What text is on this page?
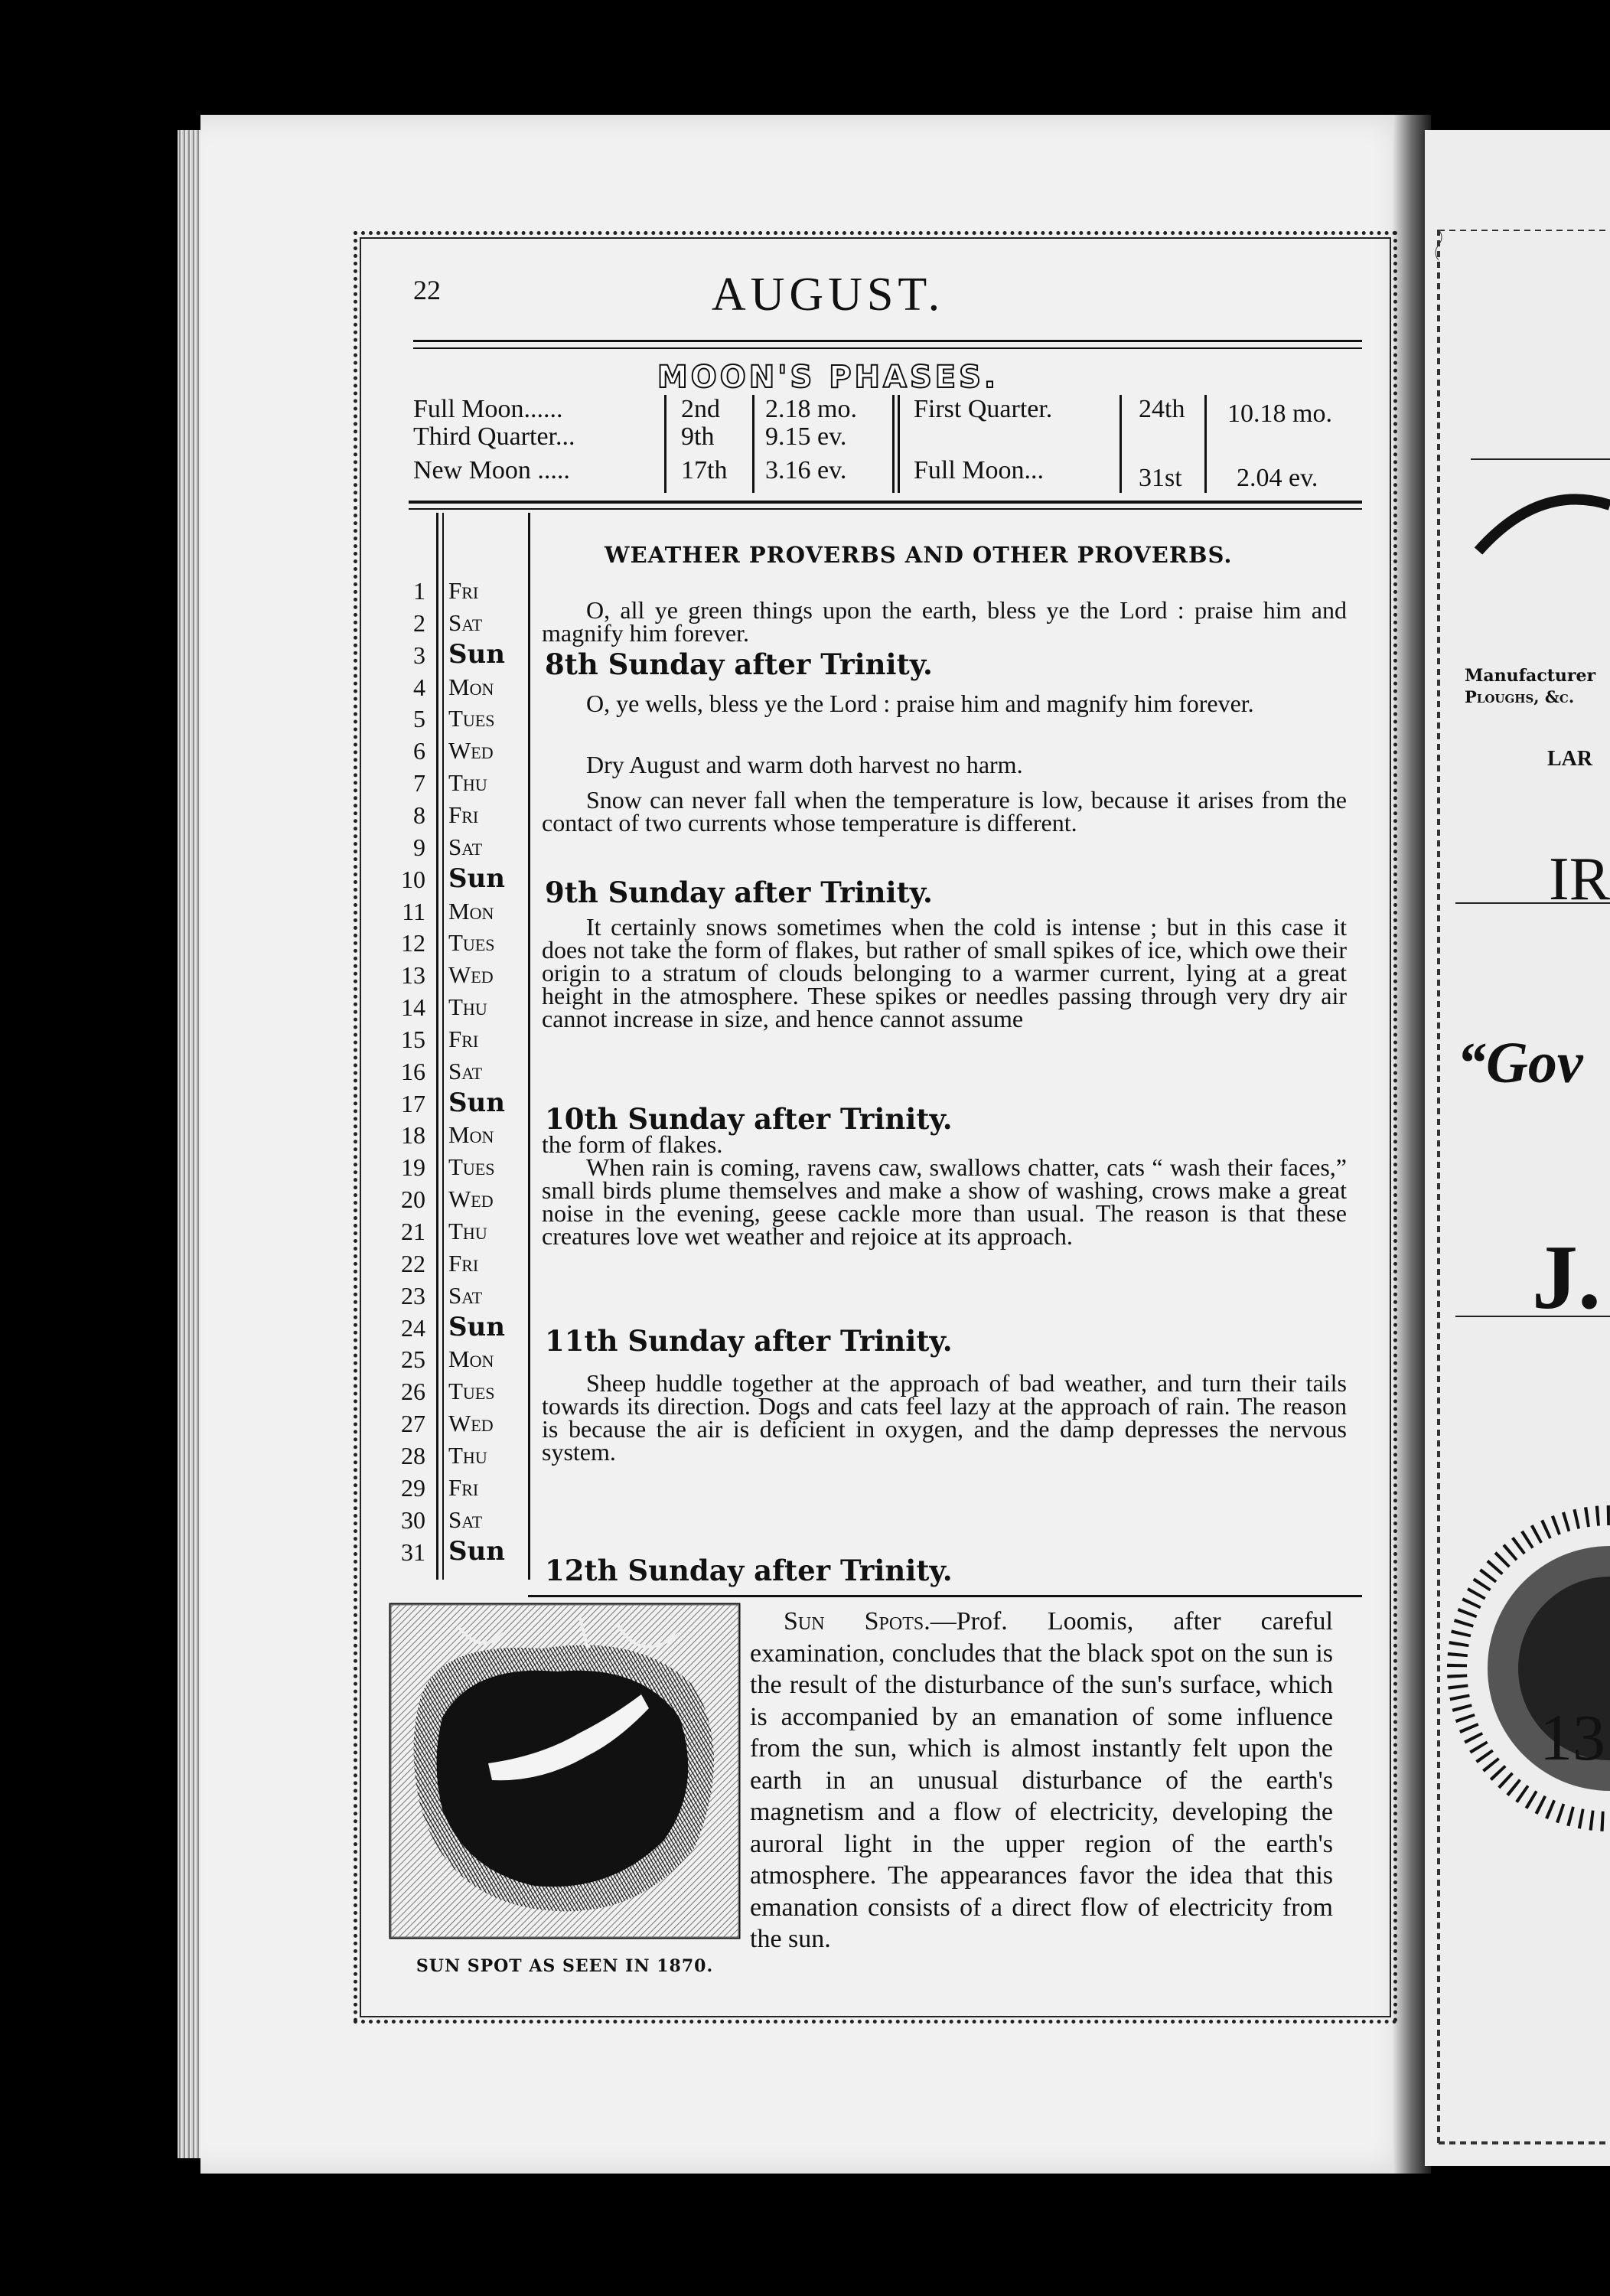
Manufacturer
Ploughs, &c.
LAR
IR
“Gov
J.
13
22	AUGUST.
MOON'S PHASES.
Full Moon......
Third Quarter...
New Moon .....
2nd
9th
17th
2.18 mo.
9.15 ev.
3.16 ev.
First Quarter.
Full Moon...
24th
31st
10.18 mo.
2.04 ev.
WEATHER PROVERBS AND OTHER PROVERBS.
1 Fri
2 Sat
3 Sun
4 Mon
5 Tues
6 Wed
7 Thu
8 Fri
9 Sat
10 Sun
11 Mon
12 Tues
13 Wed
14 Thu
15 Fri
16 Sat
17 Sun
18 Mon
19 Tues
20 Wed
21 Thu
22 Fri
23 Sat
24 Sun
25 Mon
26 Tues
27 Wed
28 Thu
29 Fri
30 Sat
31 Sun
8th Sunday after Trinity.
9th Sunday after Trinity.
10th Sunday after Trinity.
11th Sunday after Trinity.
12th Sunday after Trinity.
O, all ye green things upon the earth, bless ye the Lord : praise him and magnify him forever.
O, ye wells, bless ye the Lord : praise him and magnify him forever.
Dry August and warm doth harvest no harm.
Snow can never fall when the temperature is low, because it arises from the contact of two currents whose temperature is different.
It certainly snows sometimes when the cold is intense ; but in this case it does not take the form of flakes, but rather of small spikes of ice, which owe their origin to a stratum of clouds belonging to a warmer current, lying at a great height in the atmosphere. These spikes or needles passing through very dry air cannot increase in size, and hence cannot assume
the form of flakes.
When rain is coming, ravens caw, swallows chatter, cats “ wash their faces,” small birds plume themselves and make a show of washing, crows make a great noise in the evening, geese cackle more than usual. The reason is that these creatures love wet weather and rejoice at its approach.
Sheep huddle together at the approach of bad weather, and turn their tails towards its direction. Dogs and cats feel lazy at the approach of rain. The reason is because the air is deficient in oxygen, and the damp depresses the nervous system.
SUN SPOT AS SEEN IN 1870.
Sun Spots.—Prof. Loomis, after careful examination, concludes that the black spot on the sun is the result of the disturbance of the sun's surface, which is accompanied by an emanation of some influence from the sun, which is almost instantly felt upon the earth in an unusual disturbance of the earth's magnetism and a flow of electricity, developing the auroral light in the upper region of the earth's atmosphere. The appearances favor the idea that this emanation consists of a direct flow of electricity from the sun.
